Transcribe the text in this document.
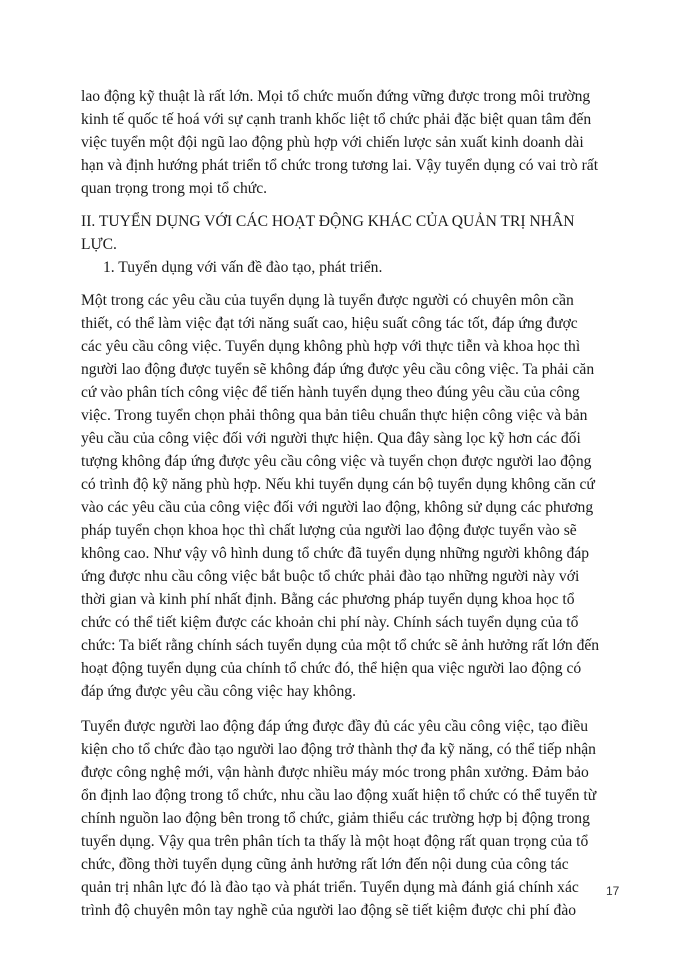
lao động kỹ thuật là rất lớn. Mọi tổ chức muốn đứng vững được trong môi trường
kinh tế quốc tế hoá với sự cạnh tranh khốc liệt tổ chức phải đặc biệt quan tâm đến
việc tuyển một đội ngũ lao động phù hợp với chiến lược sản xuất kinh doanh dài
hạn và định hướng phát triển tổ chức trong tương lai. Vậy tuyển dụng có vai trò rất
quan trọng trong mọi tổ chức.
II. TUYỂN DỤNG VỚI CÁC HOẠT ĐỘNG KHÁC CỦA QUẢN TRỊ NHÂN
LỰC.
1. Tuyển dụng với vấn đề đào tạo, phát triển.
Một trong các yêu cầu của tuyển dụng là tuyển được người có chuyên môn cần
thiết, có thể làm việc đạt tới năng suất cao, hiệu suất công tác tốt, đáp ứng được
các yêu cầu công việc. Tuyển dụng không phù hợp với thực tiễn và khoa học thì
người lao động được tuyển sẽ không đáp ứng được yêu cầu công việc. Ta phải căn
cứ vào phân tích công việc để tiến hành tuyển dụng theo đúng yêu cầu của công
việc. Trong tuyển chọn phải thông qua bản tiêu chuẩn thực hiện công việc và bản
yêu cầu của công việc đối với người thực hiện. Qua đây sàng lọc kỹ hơn các đối
tượng không đáp ứng được yêu cầu công việc và tuyển chọn được người lao động
có trình độ kỹ năng phù hợp. Nếu khi tuyển dụng cán bộ tuyển dụng không căn cứ
vào các yêu cầu của công việc đối với người lao động, không sử dụng các phương
pháp tuyển chọn khoa học thì chất lượng của người lao động được tuyển vào sẽ
không cao. Như vậy vô hình dung tổ chức đã tuyển dụng những người không đáp
ứng được nhu cầu công việc bắt buộc tổ chức phải đào tạo những người này với
thời gian và kinh phí nhất định. Bằng các phương pháp tuyển dụng khoa học tổ
chức có thể tiết kiệm được các khoản chi phí này. Chính sách tuyển dụng của tổ
chức: Ta biết rằng chính sách tuyển dụng của một tổ chức sẽ ảnh hưởng rất lớn đến
hoạt động tuyển dụng của chính tổ chức đó, thể hiện qua việc người lao động có
đáp ứng được yêu cầu công việc hay không.
Tuyển được người lao động đáp ứng được đầy đủ các yêu cầu công việc, tạo điều
kiện cho tổ chức đào tạo người lao động trở thành thợ đa kỹ năng, có thể tiếp nhận
được công nghệ mới, vận hành được nhiều máy móc trong phân xưởng. Đảm bảo
ổn định lao động trong tổ chức, nhu cầu lao động xuất hiện tổ chức có thể tuyển từ
chính nguồn lao động bên trong tổ chức, giảm thiểu các trường hợp bị động trong
tuyển dụng. Vậy qua trên phân tích ta thấy là một hoạt động rất quan trọng của tổ
chức, đồng thời tuyển dụng cũng ảnh hưởng rất lớn đến nội dung của công tác
quản trị nhân lực đó là đào tạo và phát triển. Tuyển dụng mà đánh giá chính xác
trình độ chuyên môn tay nghề của người lao động sẽ tiết kiệm được chi phí đào
17
